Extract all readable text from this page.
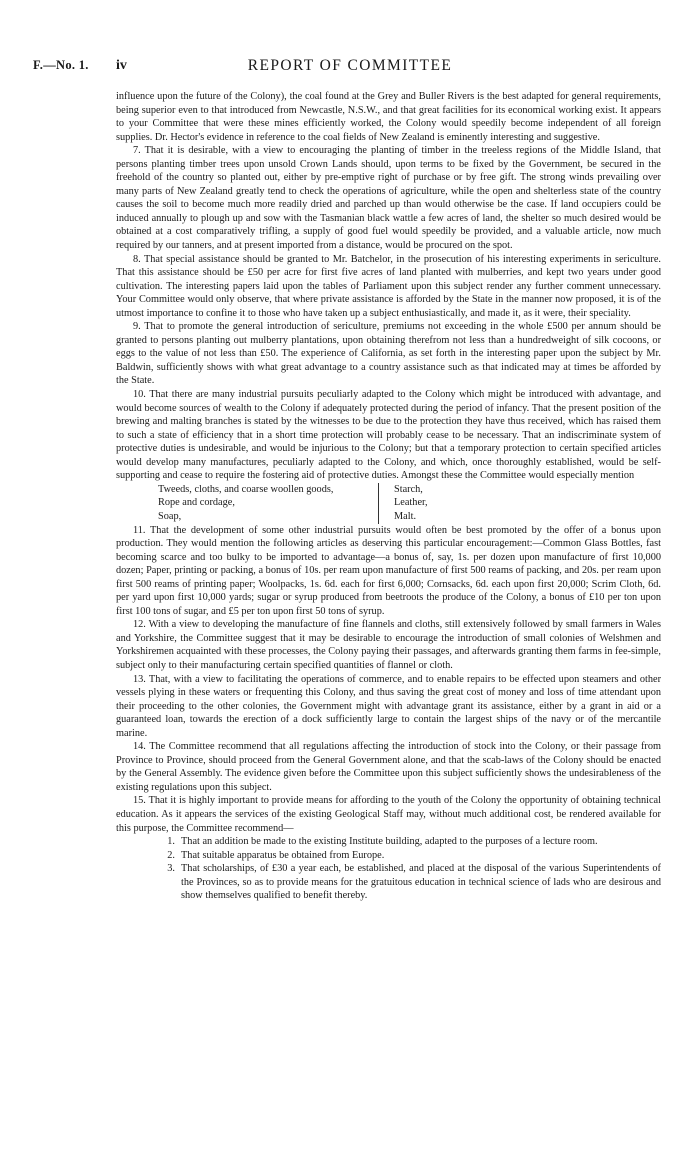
F.—No. 1. iv	REPORT OF COMMITTEE

influence upon the future of the Colony), the coal found at the Grey and Buller Rivers is the best adapted for general requirements, being superior even to that introduced from Newcastle, N.S.W., and that great facilities for its economical working exist. It appears to your Committee that were these mines efficiently worked, the Colony would speedily become independent of all foreign supplies. Dr. Hector's evidence in reference to the coal fields of New Zealand is eminently interesting and suggestive.

7. That it is desirable, with a view to encouraging the planting of timber in the treeless regions of the Middle Island, that persons planting timber trees upon unsold Crown Lands should, upon terms to be fixed by the Government, be secured in the freehold of the country so planted out, either by pre-emptive right of purchase or by free gift. The strong winds prevailing over many parts of New Zealand greatly tend to check the operations of agriculture, while the open and shelterless state of the country causes the soil to become much more readily dried and parched up than would otherwise be the case. If land occupiers could be induced annually to plough up and sow with the Tasmanian black wattle a few acres of land, the shelter so much desired would be obtained at a cost comparatively trifling, a supply of good fuel would speedily be provided, and a valuable article, now much required by our tanners, and at present imported from a distance, would be procured on the spot.

8. That special assistance should be granted to Mr. Batchelor, in the prosecution of his interesting experiments in sericulture. That this assistance should be £50 per acre for first five acres of land planted with mulberries, and kept two years under good cultivation. The interesting papers laid upon the tables of Parliament upon this subject render any further comment unnecessary. Your Committee would only observe, that where private assistance is afforded by the State in the manner now proposed, it is of the utmost importance to confine it to those who have taken up a subject enthusiastically, and made it, as it were, their speciality.

9. That to promote the general introduction of sericulture, premiums not exceeding in the whole £500 per annum should be granted to persons planting out mulberry plantations, upon obtaining therefrom not less than a hundredweight of silk cocoons, or eggs to the value of not less than £50. The experience of California, as set forth in the interesting paper upon the subject by Mr. Baldwin, sufficiently shows with what great advantage to a country assistance such as that indicated may at times be afforded by the State.

10. That there are many industrial pursuits peculiarly adapted to the Colony which might be introduced with advantage, and would become sources of wealth to the Colony if adequately protected during the period of infancy. That the present position of the brewing and malting branches is stated by the witnesses to be due to the protection they have thus received, which has raised them to such a state of efficiency that in a short time protection will probably cease to be necessary. That an indiscriminate system of protective duties is undesirable, and would be injurious to the Colony; but that a temporary protection to certain specified articles would develop many manufactures, peculiarly adapted to the Colony, and which, once thoroughly established, would be self-supporting and cease to require the fostering aid of protective duties. Amongst these the Committee would especially mention

Tweeds, cloths, and coarse woollen goods,	Starch,
Rope and cordage,	Leather,
Soap,	Malt.

11. That the development of some other industrial pursuits would often be best promoted by the offer of a bonus upon production. They would mention the following articles as deserving this particular encouragement:—Common Glass Bottles, fast becoming scarce and too bulky to be imported to advantage—a bonus of, say, 1s. per dozen upon manufacture of first 10,000 dozen; Paper, printing or packing, a bonus of 10s. per ream upon manufacture of first 500 reams of packing, and 20s. per ream upon first 500 reams of printing paper; Woolpacks, 1s. 6d. each for first 6,000; Cornsacks, 6d. each upon first 20,000; Scrim Cloth, 6d. per yard upon first 10,000 yards; sugar or syrup produced from beetroots the produce of the Colony, a bonus of £10 per ton upon first 100 tons of sugar, and £5 per ton upon first 50 tons of syrup.

12. With a view to developing the manufacture of fine flannels and cloths, still extensively followed by small farmers in Wales and Yorkshire, the Committee suggest that it may be desirable to encourage the introduction of small colonies of Welshmen and Yorkshiremen acquainted with these processes, the Colony paying their passages, and afterwards granting them farms in fee-simple, subject only to their manufacturing certain specified quantities of flannel or cloth.

13. That, with a view to facilitating the operations of commerce, and to enable repairs to be effected upon steamers and other vessels plying in these waters or frequenting this Colony, and thus saving the great cost of money and loss of time attendant upon their proceeding to the other colonies, the Government might with advantage grant its assistance, either by a grant in aid or a guaranteed loan, towards the erection of a dock sufficiently large to contain the largest ships of the navy or of the mercantile marine.

14. The Committee recommend that all regulations affecting the introduction of stock into the Colony, or their passage from Province to Province, should proceed from the General Government alone, and that the scab-laws of the Colony should be enacted by the General Assembly. The evidence given before the Committee upon this subject sufficiently shows the undesirableness of the existing regulations upon this subject.

15. That it is highly important to provide means for affording to the youth of the Colony the opportunity of obtaining technical education. As it appears the services of the existing Geological Staff may, without much additional cost, be rendered available for this purpose, the Committee recommend—

1. That an addition be made to the existing Institute building, adapted to the purposes of a lecture room.
2. That suitable apparatus be obtained from Europe.
3. That scholarships, of £30 a year each, be established, and placed at the disposal of the various Superintendents of the Provinces, so as to provide means for the gratuitous education in technical science of lads who are desirous and show themselves qualified to benefit thereby.
